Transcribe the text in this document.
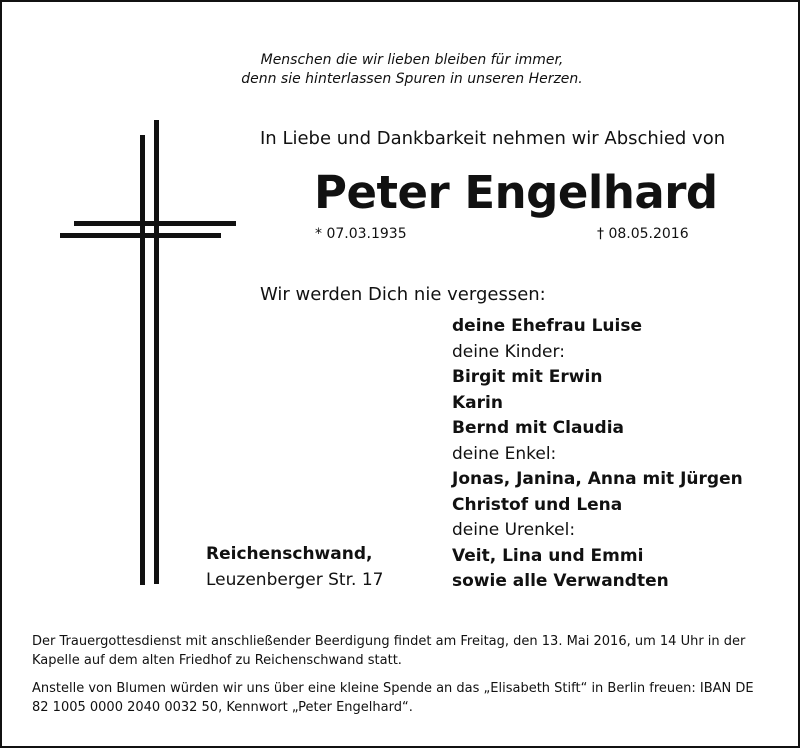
Menschen die wir lieben bleiben für immer,
denn sie hinterlassen Spuren in unseren Herzen.
In Liebe und Dankbarkeit nehmen wir Abschied von
Peter Engelhard
* 07.03.1935	† 08.05.2016
Wir werden Dich nie vergessen:
deine Ehefrau Luise
deine Kinder:
Birgit mit Erwin
Karin
Bernd mit Claudia
deine Enkel:
Jonas, Janina, Anna mit Jürgen
Christof und Lena
deine Urenkel:
Veit, Lina und Emmi
sowie alle Verwandten
Reichenschwand,
Leuzenberger Str. 17
Der Trauergottesdienst mit anschließender Beerdigung findet am Freitag, den 13. Mai 2016, um 14 Uhr in der Kapelle auf dem alten Friedhof zu Reichenschwand statt.
Anstelle von Blumen würden wir uns über eine kleine Spende an das „Elisabeth Stift“ in Berlin freuen: IBAN DE 82 1005 0000 2040 0032 50, Kennwort „Peter Engelhard“.
